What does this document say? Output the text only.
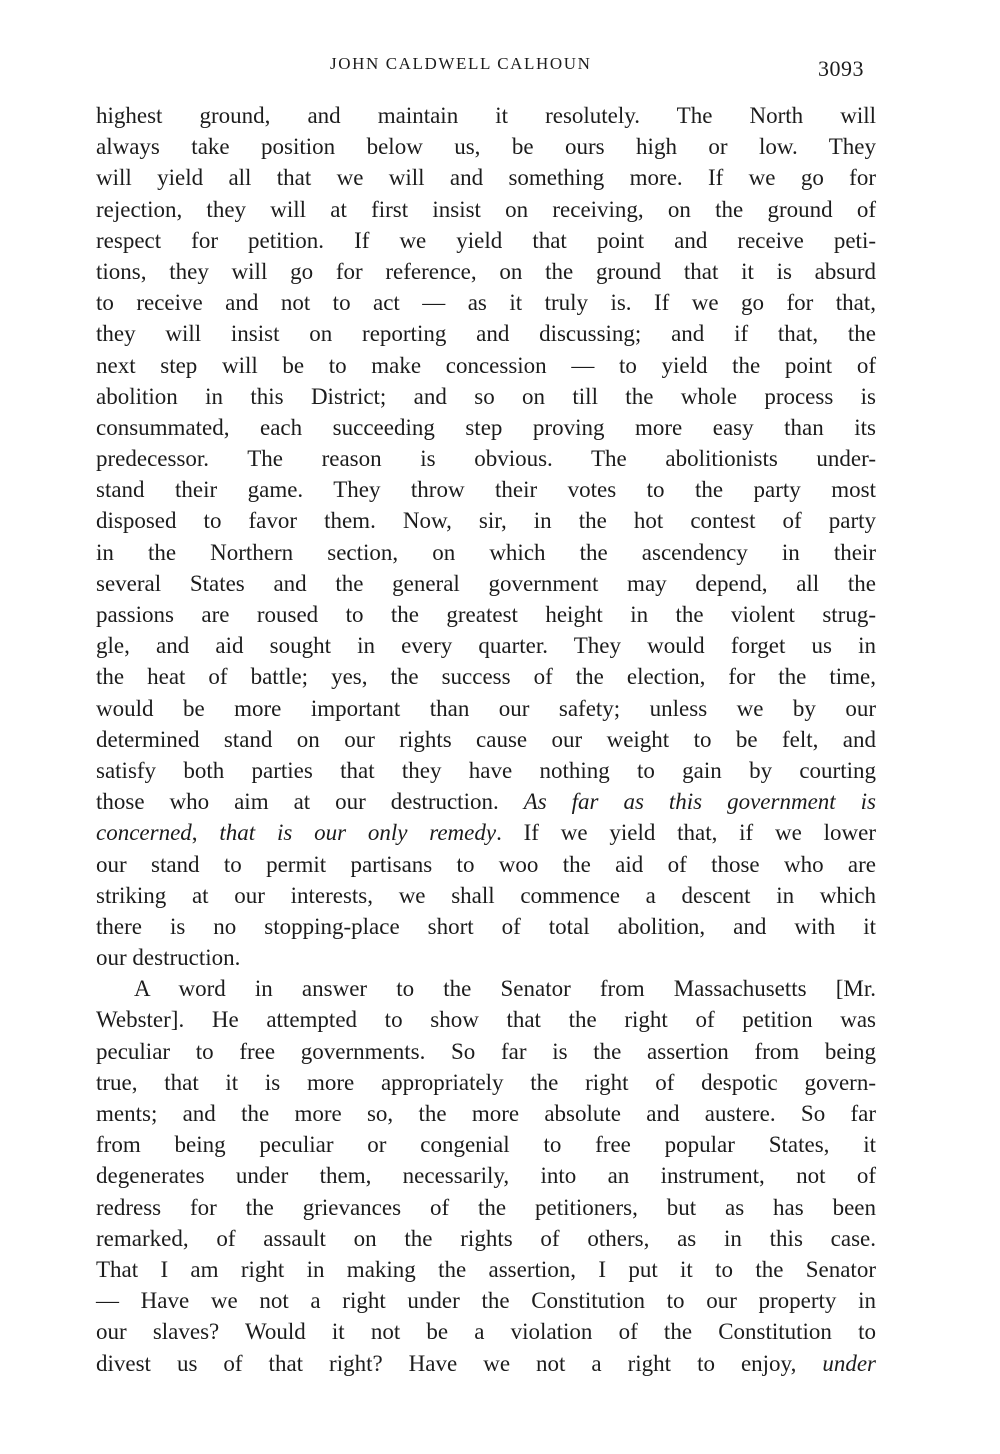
JOHN CALDWELL CALHOUN	3093
highest ground, and maintain it resolutely. The North will
always take position below us, be ours high or low. They
will yield all that we will and something more. If we go for
rejection, they will at first insist on receiving, on the ground of
respect for petition. If we yield that point and receive peti-
tions, they will go for reference, on the ground that it is absurd
to receive and not to act — as it truly is. If we go for that,
they will insist on reporting and discussing; and if that, the
next step will be to make concession — to yield the point of
abolition in this District; and so on till the whole process is
consummated, each succeeding step proving more easy than its
predecessor. The reason is obvious. The abolitionists under-
stand their game. They throw their votes to the party most
disposed to favor them. Now, sir, in the hot contest of party
in the Northern section, on which the ascendency in their
several States and the general government may depend, all the
passions are roused to the greatest height in the violent strug-
gle, and aid sought in every quarter. They would forget us in
the heat of battle; yes, the success of the election, for the time,
would be more important than our safety; unless we by our
determined stand on our rights cause our weight to be felt, and
satisfy both parties that they have nothing to gain by courting
those who aim at our destruction. As far as this government is
concerned, that is our only remedy. If we yield that, if we lower
our stand to permit partisans to woo the aid of those who are
striking at our interests, we shall commence a descent in which
there is no stopping-place short of total abolition, and with it
our destruction.
A word in answer to the Senator from Massachusetts [Mr.
Webster]. He attempted to show that the right of petition was
peculiar to free governments. So far is the assertion from being
true, that it is more appropriately the right of despotic govern-
ments; and the more so, the more absolute and austere. So far
from being peculiar or congenial to free popular States, it
degenerates under them, necessarily, into an instrument, not of
redress for the grievances of the petitioners, but as has been
remarked, of assault on the rights of others, as in this case.
That I am right in making the assertion, I put it to the Senator
— Have we not a right under the Constitution to our property in
our slaves? Would it not be a violation of the Constitution to
divest us of that right? Have we not a right to enjoy, under
